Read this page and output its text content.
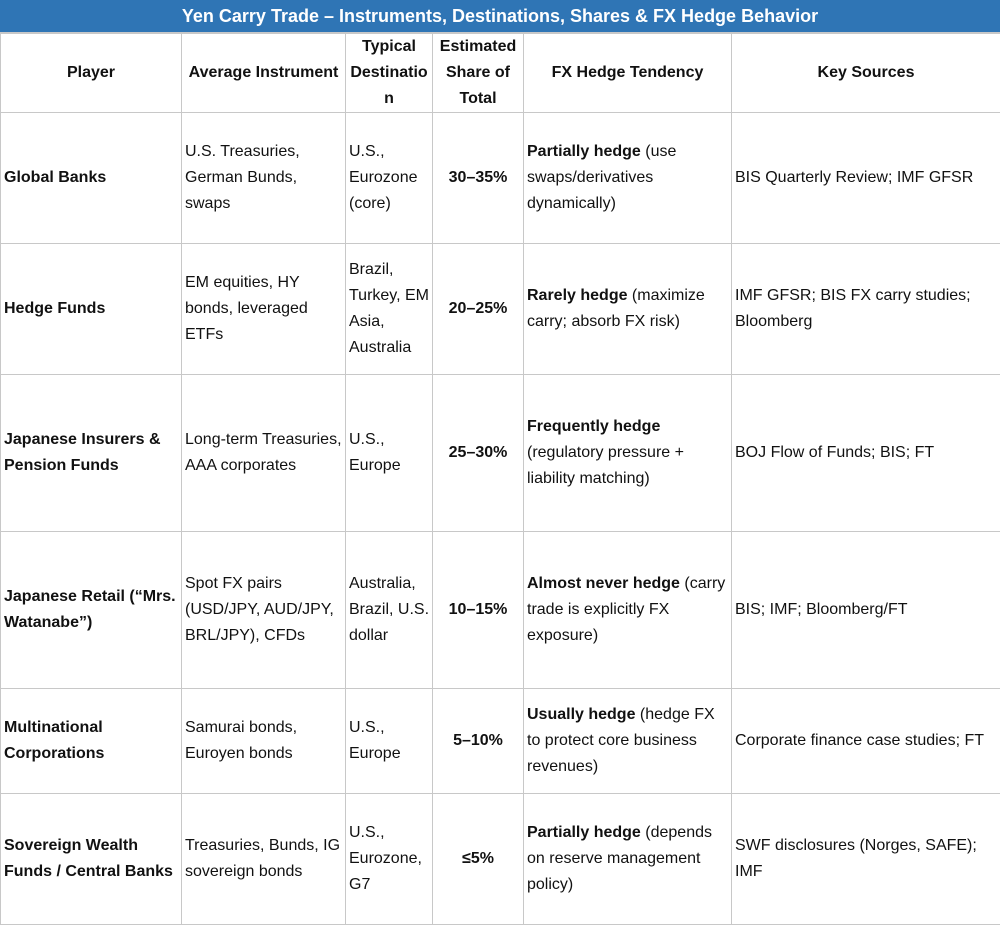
Yen Carry Trade – Instruments, Destinations, Shares & FX Hedge Behavior
Player	Average Instrument	Typical Destination	Estimated Share of Total	FX Hedge Tendency	Key Sources
Global Banks	U.S. Treasuries, German Bunds, swaps	U.S., Eurozone (core)	30–35%	Partially hedge (use swaps/derivatives dynamically)	BIS Quarterly Review; IMF GFSR
Hedge Funds	EM equities, HY bonds, leveraged ETFs	Brazil, Turkey, EM Asia, Australia	20–25%	Rarely hedge (maximize carry; absorb FX risk)	IMF GFSR; BIS FX carry studies; Bloomberg
Japanese Insurers & Pension Funds	Long-term Treasuries, AAA corporates	U.S., Europe	25–30%	Frequently hedge (regulatory pressure + liability matching)	BOJ Flow of Funds; BIS; FT
Japanese Retail (“Mrs. Watanabe”)	Spot FX pairs (USD/JPY, AUD/JPY, BRL/JPY), CFDs	Australia, Brazil, U.S. dollar	10–15%	Almost never hedge (carry trade is explicitly FX exposure)	BIS; IMF; Bloomberg/FT
Multinational Corporations	Samurai bonds, Euroyen bonds	U.S., Europe	5–10%	Usually hedge (hedge FX to protect core business revenues)	Corporate finance case studies; FT
Sovereign Wealth Funds / Central Banks	Treasuries, Bunds, IG sovereign bonds	U.S., Eurozone, G7	≤5%	Partially hedge (depends on reserve management policy)	SWF disclosures (Norges, SAFE); IMF
